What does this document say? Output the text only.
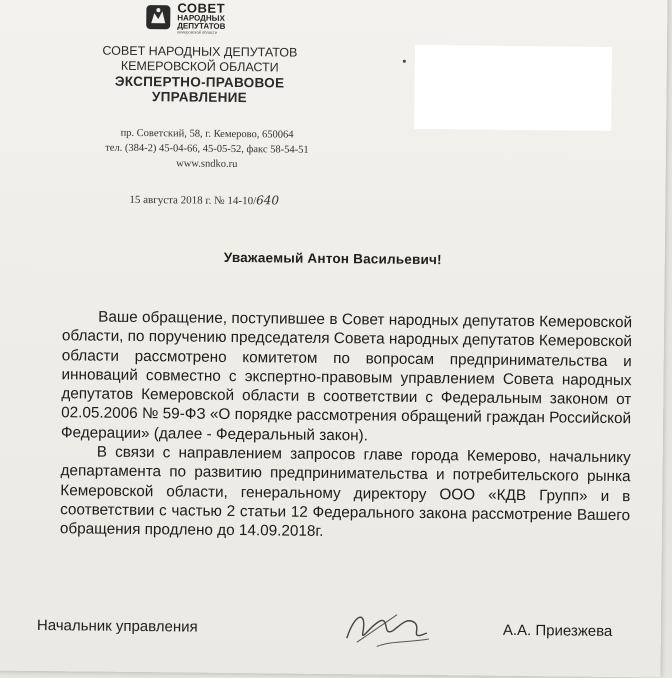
СОВЕТ
НАРОДНЫХ
ДЕПУТАТОВ
кемеровской области
СОВЕТ НАРОДНЫХ ДЕПУТАТОВ
КЕМЕРОВСКОЙ ОБЛАСТИ
ЭКСПЕРТНО-ПРАВОВОЕ
УПРАВЛЕНИЕ
пр. Советский, 58, г. Кемерово, 650064
тел. (384-2) 45-04-66, 45-05-52, факс 58-54-51
www.sndko.ru
15 августа 2018 г. № 14-10/640
Уважаемый Антон Васильевич!

Ваше обращение, поступившее в Совет народных депутатов Кемеровской области, по поручению председателя Совета народных депутатов Кемеровской области рассмотрено комитетом по вопросам предпринимательства и инноваций совместно с экспертно-правовым управлением Совета народных депутатов Кемеровской области в соответствии с Федеральным законом от 02.05.2006 № 59-ФЗ «О порядке рассмотрения обращений граждан Российской Федерации» (далее - Федеральный закон).

В связи с направлением запросов главе города Кемерово, начальнику департамента по развитию предпринимательства и потребительского рынка Кемеровской области, генеральному директору ООО «КДВ Групп» и в соответствии с частью 2 статьи 12 Федерального закона рассмотрение Вашего обращения продлено до 14.09.2018г.

Начальник управления	А.А. Приезжева
